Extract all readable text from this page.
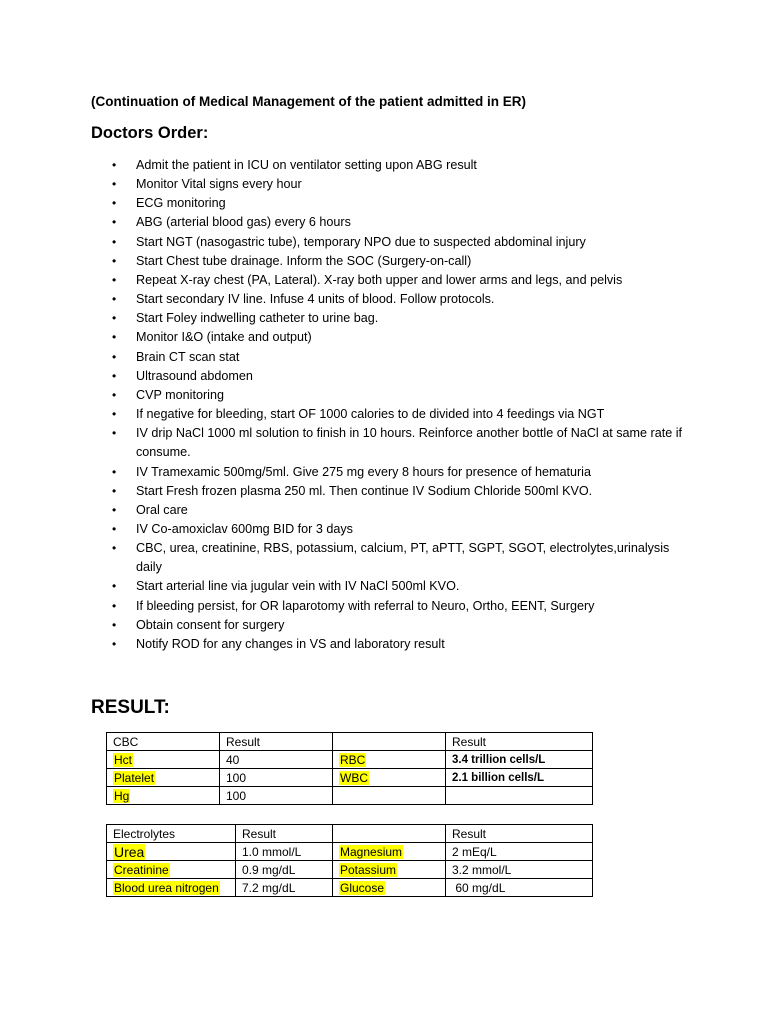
(Continuation of Medical Management of the patient admitted in ER)
Doctors Order:
•	Admit the patient in ICU on ventilator setting upon ABG result
•	Monitor Vital signs every hour
•	ECG monitoring
•	ABG (arterial blood gas) every 6 hours
•	Start NGT (nasogastric tube), temporary NPO due to suspected abdominal injury
•	Start Chest tube drainage. Inform the SOC (Surgery-on-call)
•	Repeat X-ray chest (PA, Lateral). X-ray both upper and lower arms and legs, and pelvis
•	Start secondary IV line. Infuse 4 units of blood. Follow protocols.
•	Start Foley indwelling catheter to urine bag.
•	Monitor I&O (intake and output)
•	Brain CT scan stat
•	Ultrasound abdomen
•	CVP monitoring
•	If negative for bleeding, start OF 1000 calories to de divided into 4 feedings via NGT
•	IV drip NaCl 1000 ml solution to finish in 10 hours. Reinforce another bottle of NaCl at same rate if consume.
•	IV Tramexamic 500mg/5ml. Give 275 mg every 8 hours for presence of hematuria
•	Start Fresh frozen plasma 250 ml. Then continue IV Sodium Chloride 500ml KVO.
•	Oral care
•	IV Co-amoxiclav 600mg BID for 3 days
•	CBC, urea, creatinine, RBS, potassium, calcium, PT, aPTT, SGPT, SGOT, electrolytes,urinalysis daily
•	Start arterial line via jugular vein with IV NaCl 500ml KVO.
•	If bleeding persist, for OR laparotomy with referral to Neuro, Ortho, EENT, Surgery
•	Obtain consent for surgery
•	Notify ROD for any changes in VS and laboratory result
RESULT:
CBC	Result		Result
Hct	40	RBC	3.4 trillion cells/L
Platelet	100	WBC	2.1 billion cells/L
Hg	100		
Electrolytes	Result		Result
Urea	1.0 mmol/L	Magnesium	2 mEq/L
Creatinine	0.9 mg/dL	Potassium	3.2 mmol/L
Blood urea nitrogen	7.2 mg/dL	Glucose	60 mg/dL
